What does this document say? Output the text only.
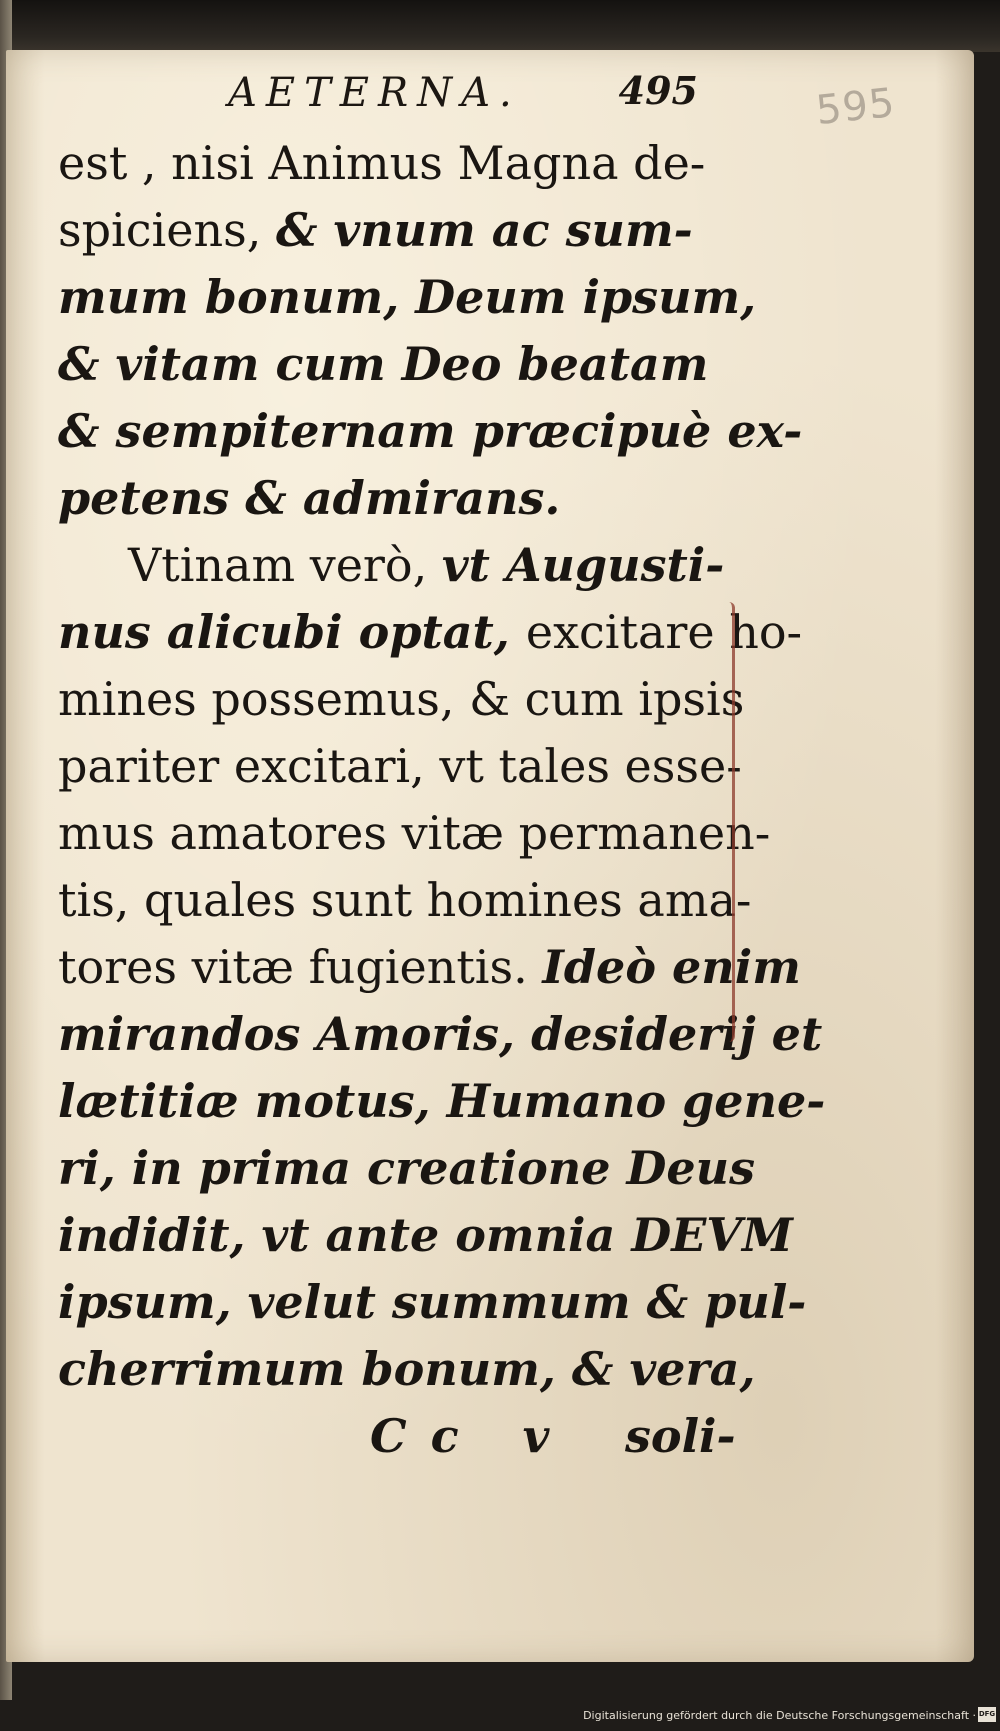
AETERNA.	495	595
est , nisi Animus Magna de-
spiciens, & vnum ac sum-
mum bonum, Deum ipsum,
& vitam cum Deo beatam
& sempiternam præcipuè ex-
petens & admirans.
Vtinam verò, vt Augusti-
nus alicubi optat, excitare ho-
mines possemus, & cum ipsis
pariter excitari, vt tales esse-
mus amatores vitæ permanen-
tis, quales sunt homines ama-
tores vitæ fugientis. Ideò enim
mirandos Amoris, desiderij et
lætitiæ motus, Humano gene-
ri, in prima creatione Deus
indidit, vt ante omnia DEVM
ipsum, velut summum & pul-
cherrimum bonum, & vera,
Cc v soli-
Digitalisierung gefördert durch die Deutsche Forschungsgemeinschaft · DFG
